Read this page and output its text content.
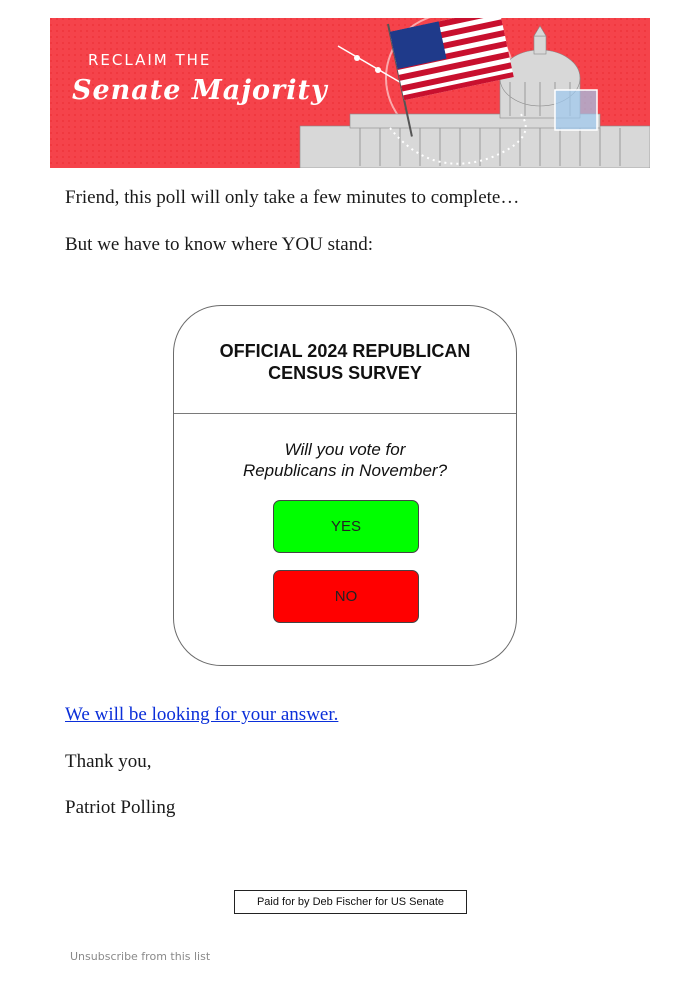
RECLAIM THE
Senate Majority

Friend, this poll will only take a few minutes to complete…

But we have to know where YOU stand:

OFFICIAL 2024 REPUBLICAN
CENSUS SURVEY
Will you vote for
Republicans in November?
YES
NO
We will be looking for your answer.

Thank you,

Patriot Polling

Paid for by Deb Fischer for US Senate
Unsubscribe from this list
